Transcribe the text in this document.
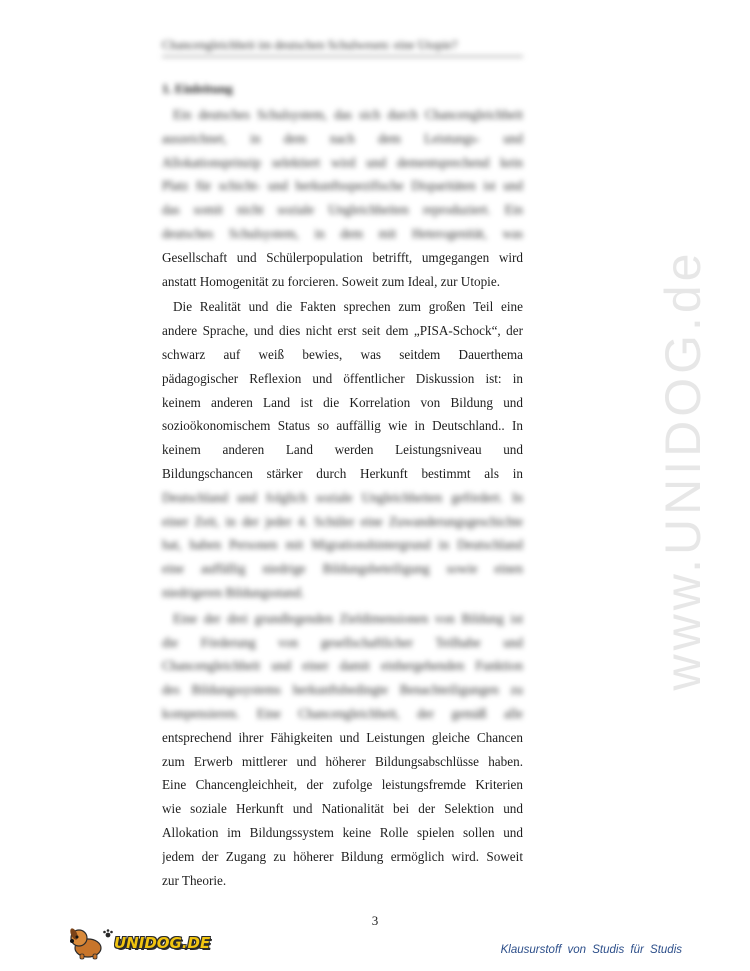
www.UNIDOG.de
Chancengleichheit im deutschen Schulwesen: eine Utopie?
1. Einleitung
Ein deutsches Schulsystem, das sich durch Chancengleichheit
auszeichnet, in dem nach dem Leistungs- und
Allokationsprinzip selektiert wird und dementsprechend kein
Platz für schicht- und herkunftsspezifische Disparitäten ist und
das somit nicht soziale Ungleichheiten reproduziert. Ein
deutsches Schulsystem, in dem mit Heterogenität, was
Gesellschaft und Schülerpopulation betrifft, umgegangen wird
anstatt Homogenität zu forcieren. Soweit zum Ideal, zur Utopie.
Die Realität und die Fakten sprechen zum großen Teil eine
andere Sprache, und dies nicht erst seit dem „PISA-Schock“, der
schwarz auf weiß bewies, was seitdem Dauerthema
pädagogischer Reflexion und öffentlicher Diskussion ist: in
keinem anderen Land ist die Korrelation von Bildung und
sozioökonomischem Status so auffällig wie in Deutschland.. In
keinem anderen Land werden Leistungsniveau und
Bildungschancen stärker durch Herkunft bestimmt als in
Deutschland und folglich soziale Ungleichheiten gefördert. In
einer Zeit, in der jeder 4. Schüler eine Zuwanderungsgeschichte
hat, haben Personen mit Migrationshintergrund in Deutschland
eine auffällig niedrige Bildungsbeteiligung sowie einen
niedrigeren Bildungsstand.
Eine der drei grundlegenden Zieldimensionen von Bildung ist
die Förderung von gesellschaftlicher Teilhabe und
Chancengleichheit und einer damit einhergehenden Funktion
des Bildungssystems herkunftsbedingte Benachteiligungen zu
kompensieren. Eine Chancengleichheit, der gemäß alle
entsprechend ihrer Fähigkeiten und Leistungen gleiche Chancen
zum Erwerb mittlerer und höherer Bildungsabschlüsse haben.
Eine Chancengleichheit, der zufolge leistungsfremde Kriterien
wie soziale Herkunft und Nationalität bei der Selektion und
Allokation im Bildungssystem keine Rolle spielen sollen und
jedem der Zugang zu höherer Bildung ermöglich wird. Soweit
zur Theorie.
3
UNIDOG.DE	Klausurstoff von Studis für Studis
